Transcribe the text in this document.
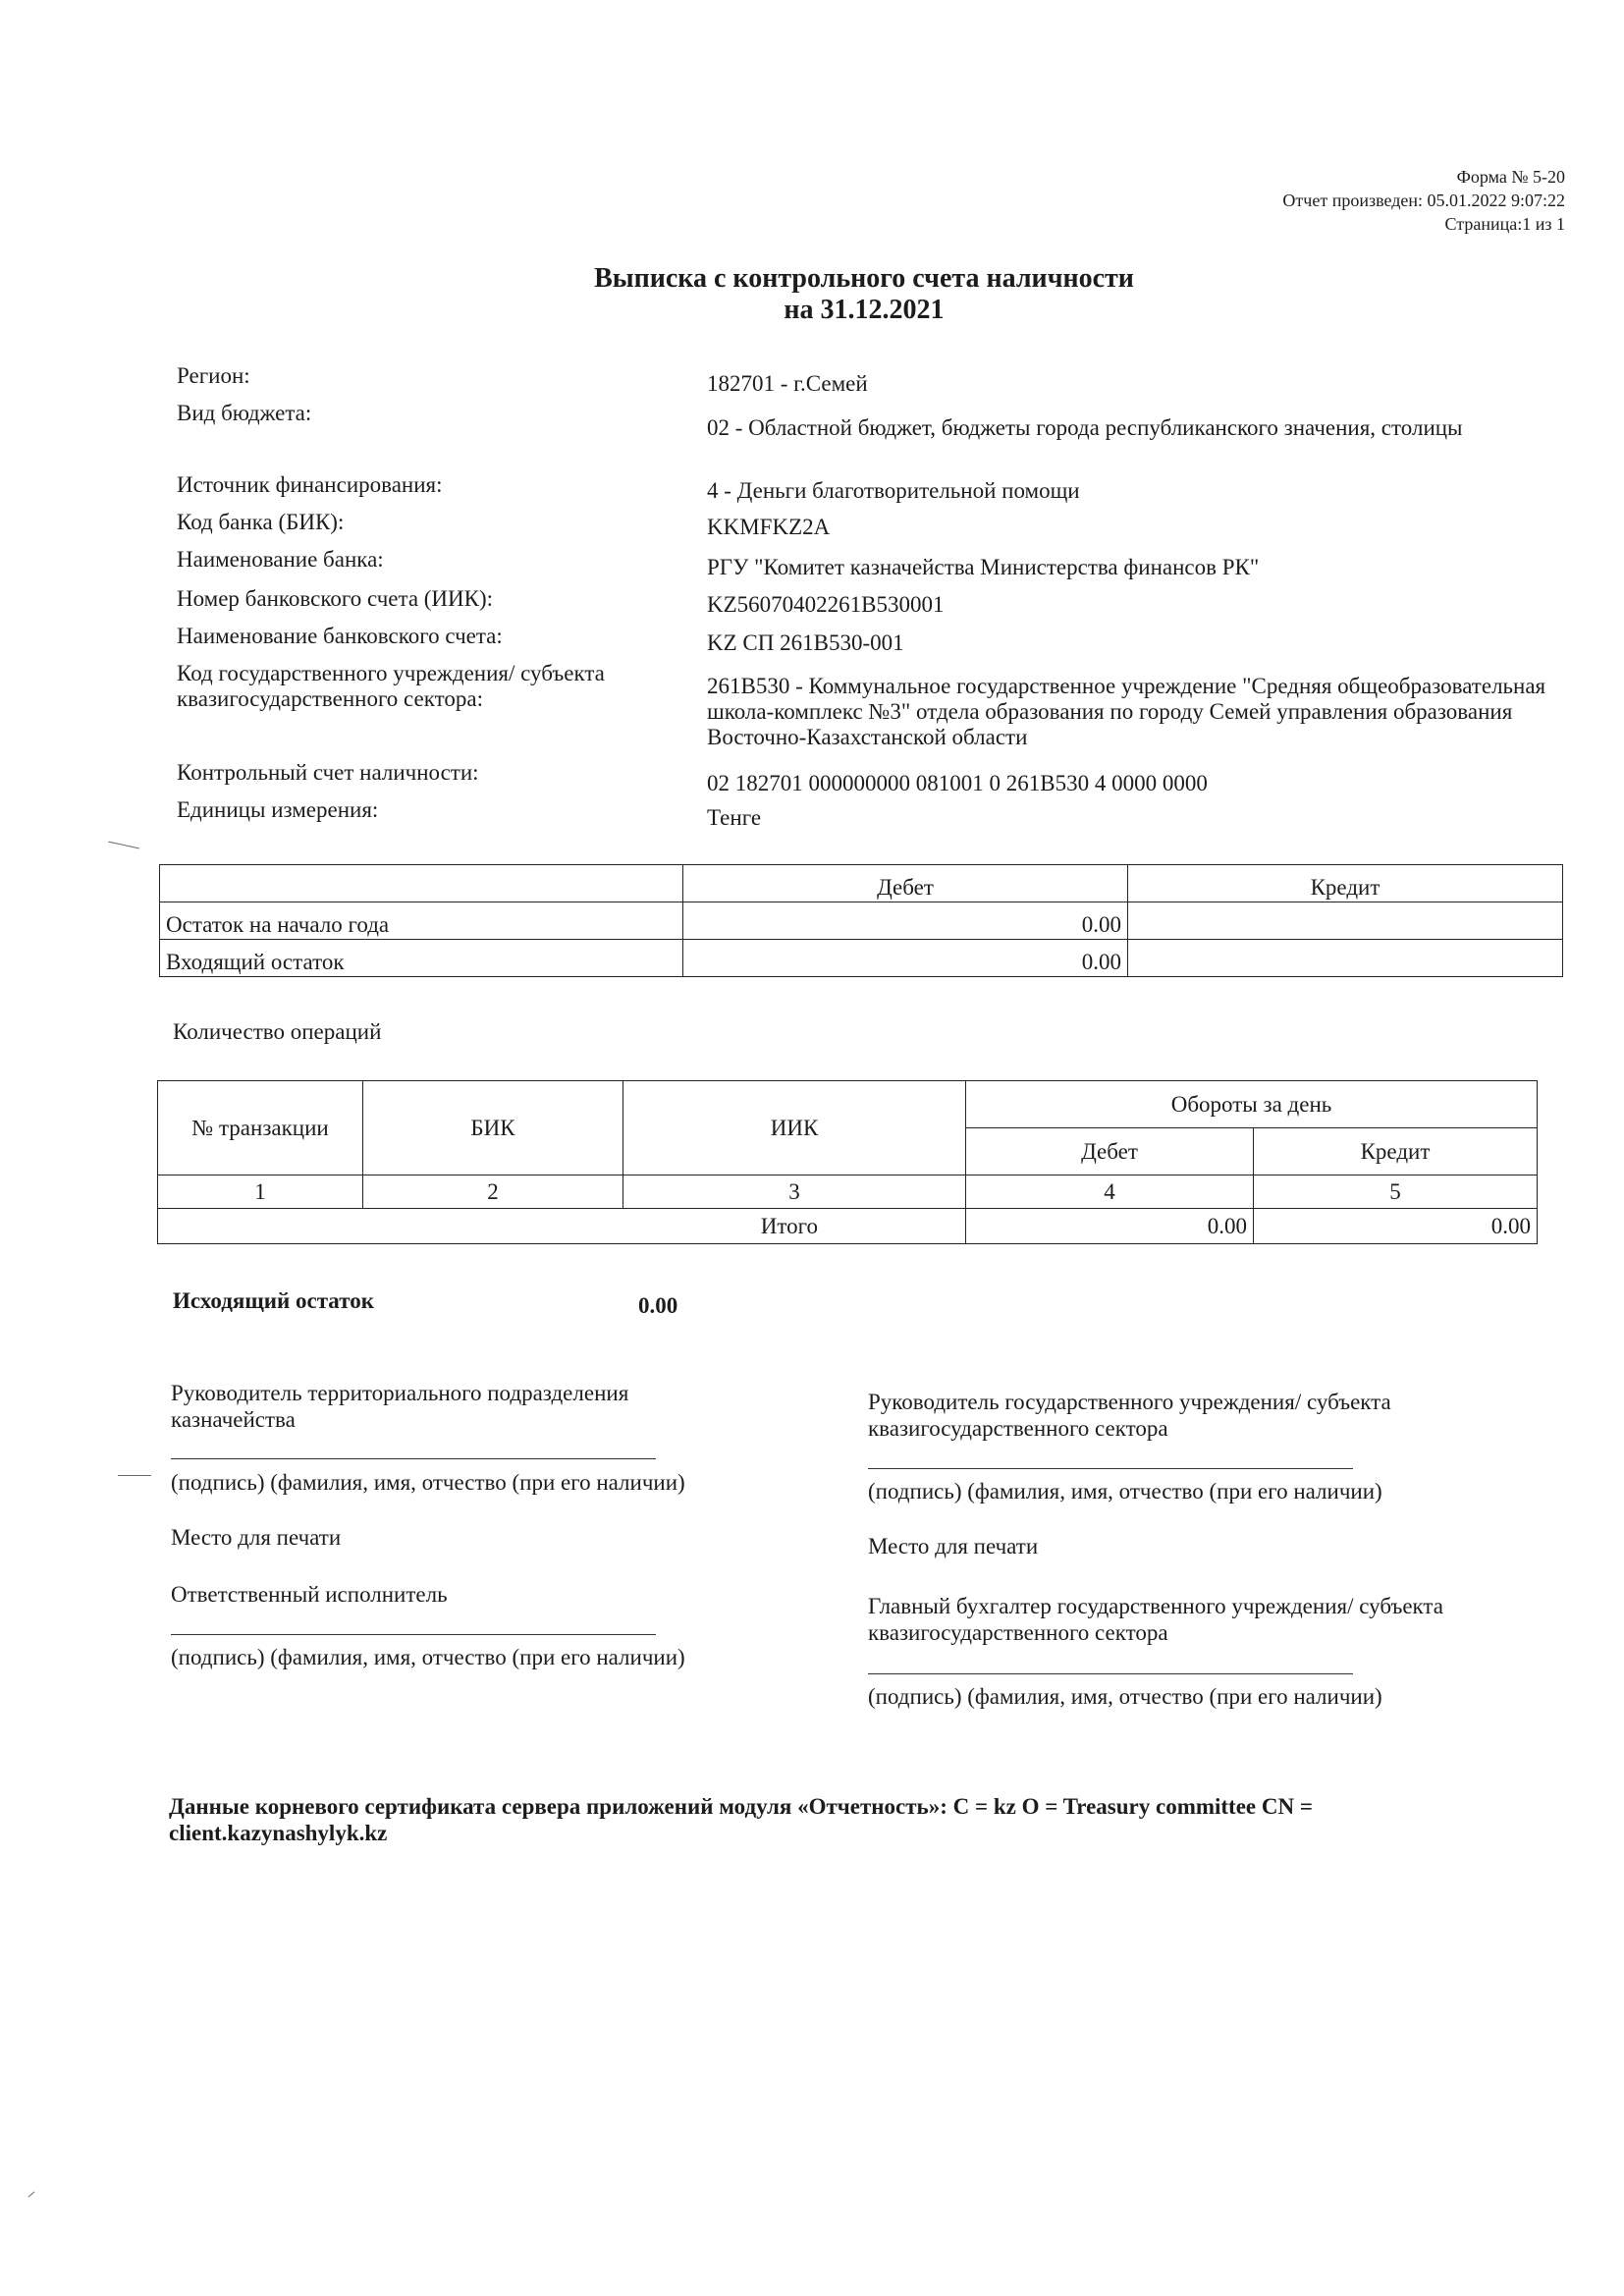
Форма № 5-20
Отчет произведен: 05.01.2022 9:07:22
Страница:1 из 1
Выписка с контрольного счета наличности
на 31.12.2021
Регион:	182701 - г.Семей
Вид бюджета:
02 - Областной бюджет, бюджеты города республиканского значения, столицы
Источник финансирования:	4 - Деньги благотворительной помощи
Код банка (БИК):	KKMFKZ2A
Наименование банка:	РГУ "Комитет казначейства Министерства финансов РК"
Номер банковского счета (ИИК):	KZ56070402261B530001
Наименование банковского счета:	KZ СП 261B530-001
Код государственного учреждения/ субъекта квазигосударственного сектора:
261B530 - Коммунальное государственное учреждение "Средняя общеобразовательная школа-комплекс №3" отдела образования по городу Семей управления образования Восточно-Казахстанской области
Контрольный счет наличности:	02 182701 000000000 081001 0 261B530 4 0000 0000
Единицы измерения:	Тенге
	Дебет	Кредит
Остаток на начало года	0.00	
Входящий остаток	0.00	
Количество операций
№ транзакции	БИК	ИИК	Обороты за день	
			Дебет	Кредит
1	2	3	4	5
Итого			0.00	0.00
Исходящий остаток	0.00
Руководитель территориального подразделения казначейства
(подпись) (фамилия, имя, отчество (при его наличии)
Место для печати
Ответственный исполнитель
(подпись) (фамилия, имя, отчество (при его наличии)
Руководитель государственного учреждения/ субъекта квазигосударственного сектора
(подпись) (фамилия, имя, отчество (при его наличии)
Место для печати
Главный бухгалтер государственного учреждения/ субъекта квазигосударственного сектора
(подпись) (фамилия, имя, отчество (при его наличии)
Данные корневого сертификата сервера приложений модуля «Отчетность»: C = kz O = Treasury committee CN = client.kazynashylyk.kz
